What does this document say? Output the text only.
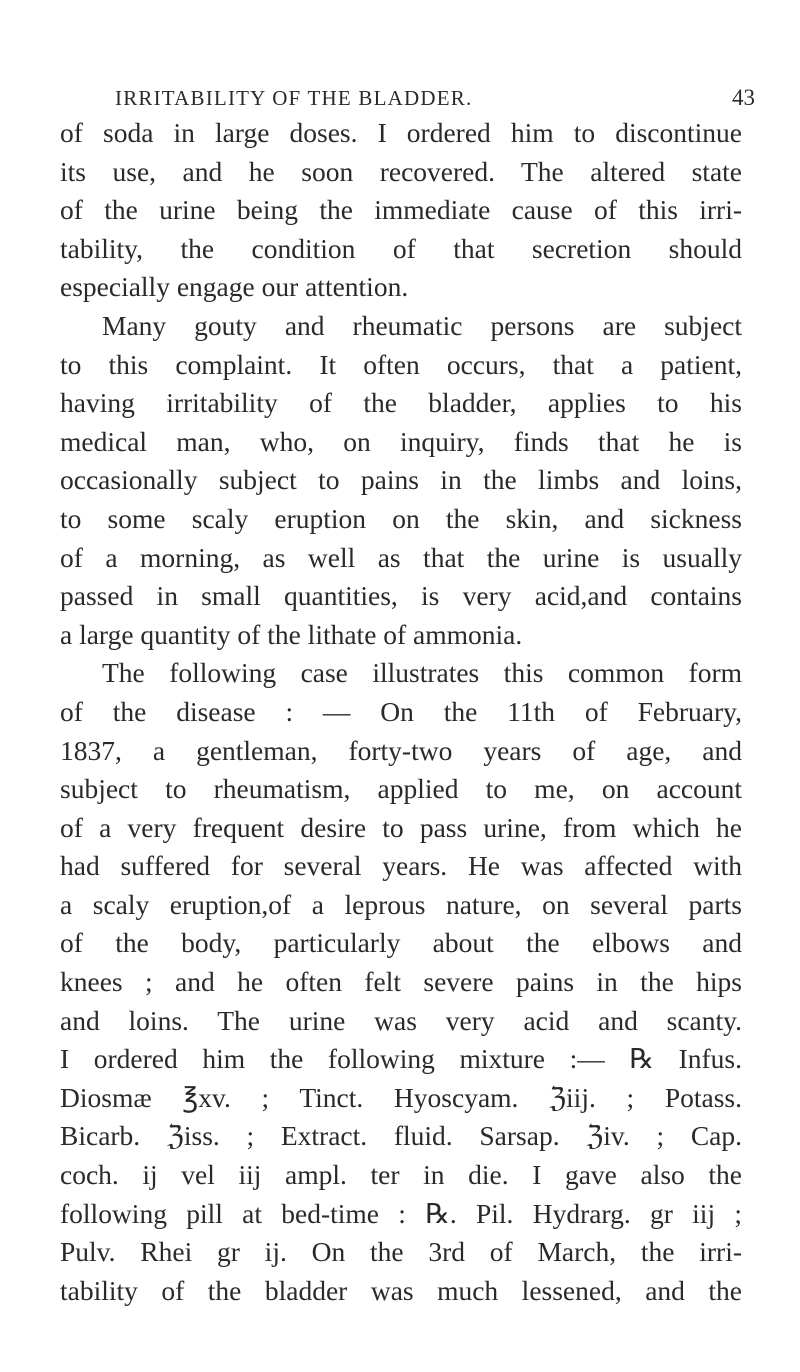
IRRITABILITY OF THE BLADDER.	43
of soda in large doses. I ordered him to discontinue
its use, and he soon recovered. The altered state
of the urine being the immediate cause of this irri-
tability, the condition of that secretion should
especially engage our attention.
Many gouty and rheumatic persons are subject
to this complaint. It often occurs, that a patient,
having irritability of the bladder, applies to his
medical man, who, on inquiry, finds that he is
occasionally subject to pains in the limbs and loins,
to some scaly eruption on the skin, and sickness
of a morning, as well as that the urine is usually
passed in small quantities, is very acid,and contains
a large quantity of the lithate of ammonia.
The following case illustrates this common form
of the disease : — On the 11th of February,
1837, a gentleman, forty-two years of age, and
subject to rheumatism, applied to me, on account
of a very frequent desire to pass urine, from which he
had suffered for several years. He was affected with
a scaly eruption,of a leprous nature, on several parts
of the body, particularly about the elbows and
knees ; and he often felt severe pains in the hips
and loins. The urine was very acid and scanty.
I ordered him the following mixture :— ℞ Infus.
Diosmæ ℥xv. ; Tinct. Hyoscyam. ℨiij. ; Potass.
Bicarb. ℨiss. ; Extract. fluid. Sarsap. ℨiv. ; Cap.
coch. ij vel iij ampl. ter in die. I gave also the
following pill at bed-time : ℞. Pil. Hydrarg. gr iij ;
Pulv. Rhei gr ij. On the 3rd of March, the irri-
tability of the bladder was much lessened, and the
